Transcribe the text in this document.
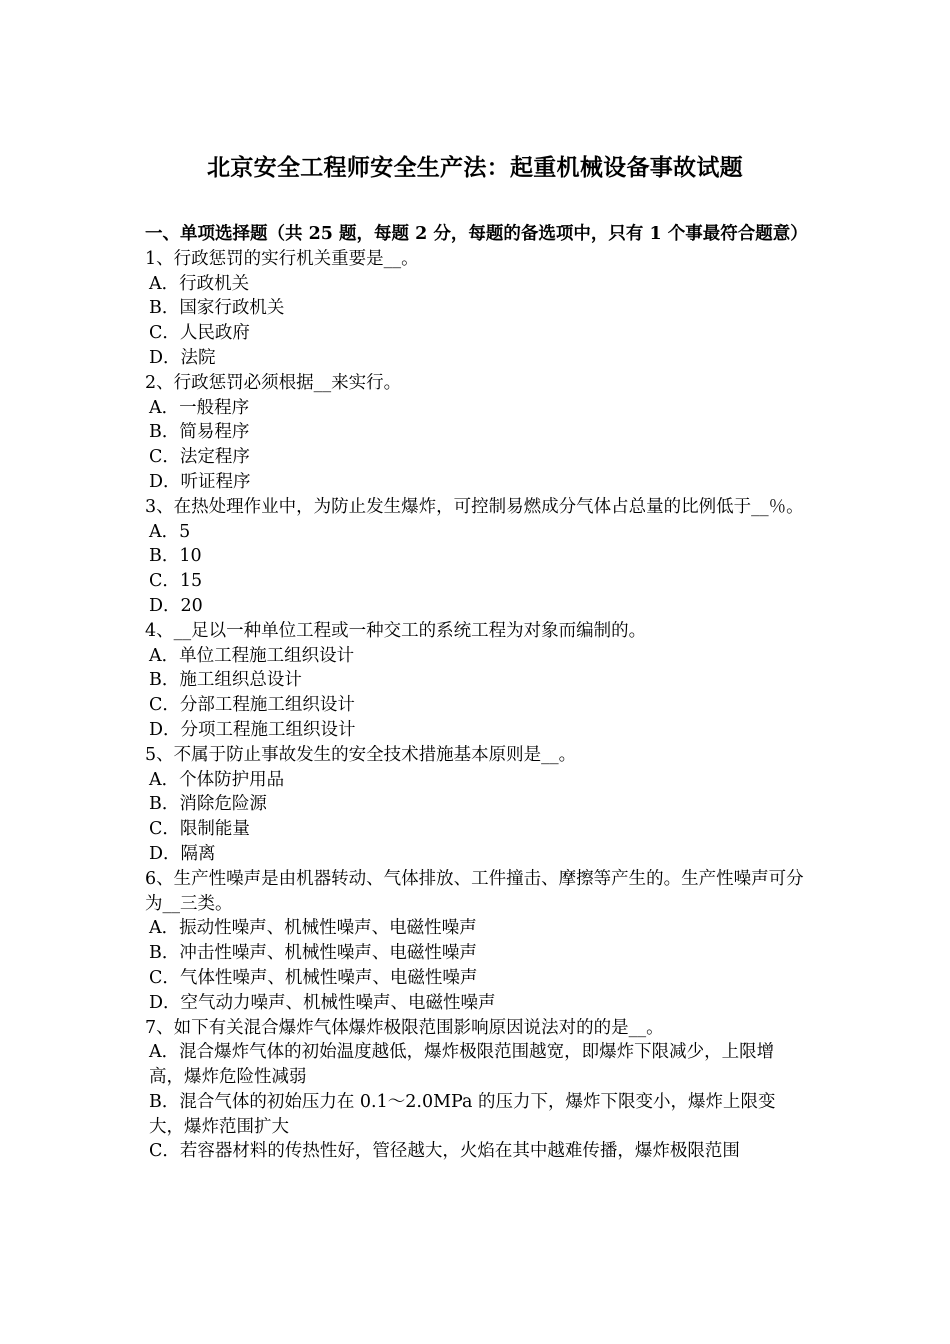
北京安全工程师安全生产法：起重机械设备事故试题

一、单项选择题（共 25 题，每题 2 分，每题的备选项中，只有 1 个事最符合题意）

1、行政惩罚的实行机关重要是__。

A．行政机关

B．国家行政机关

C．人民政府

D．法院

2、行政惩罚必须根据__来实行。

A．一般程序

B．简易程序

C．法定程序

D．听证程序

3、在热处理作业中，为防止发生爆炸，可控制易燃成分气体占总量的比例低于__％。

A．5

B．10

C．15

D．20

4、__足以一种单位工程或一种交工的系统工程为对象而编制的。

A．单位工程施工组织设计

B．施工组织总设计

C．分部工程施工组织设计

D．分项工程施工组织设计

5、不属于防止事故发生的安全技术措施基本原则是__。

A．个体防护用品

B．消除危险源

C．限制能量

D．隔离

6、生产性噪声是由机器转动、气体排放、工件撞击、摩擦等产生的。生产性噪声可分为__三类。

A．振动性噪声、机械性噪声、电磁性噪声

B．冲击性噪声、机械性噪声、电磁性噪声

C．气体性噪声、机械性噪声、电磁性噪声

D．空气动力噪声、机械性噪声、电磁性噪声

7、如下有关混合爆炸气体爆炸极限范围影响原因说法对的的是__。

A．混合爆炸气体的初始温度越低，爆炸极限范围越宽，即爆炸下限减少，上限增高，爆炸危险性减弱

B．混合气体的初始压力在 0.1～2.0MPa 的压力下，爆炸下限变小，爆炸上限变大，爆炸范围扩大

C．若容器材料的传热性好，管径越大，火焰在其中越难传播，爆炸极限范围
